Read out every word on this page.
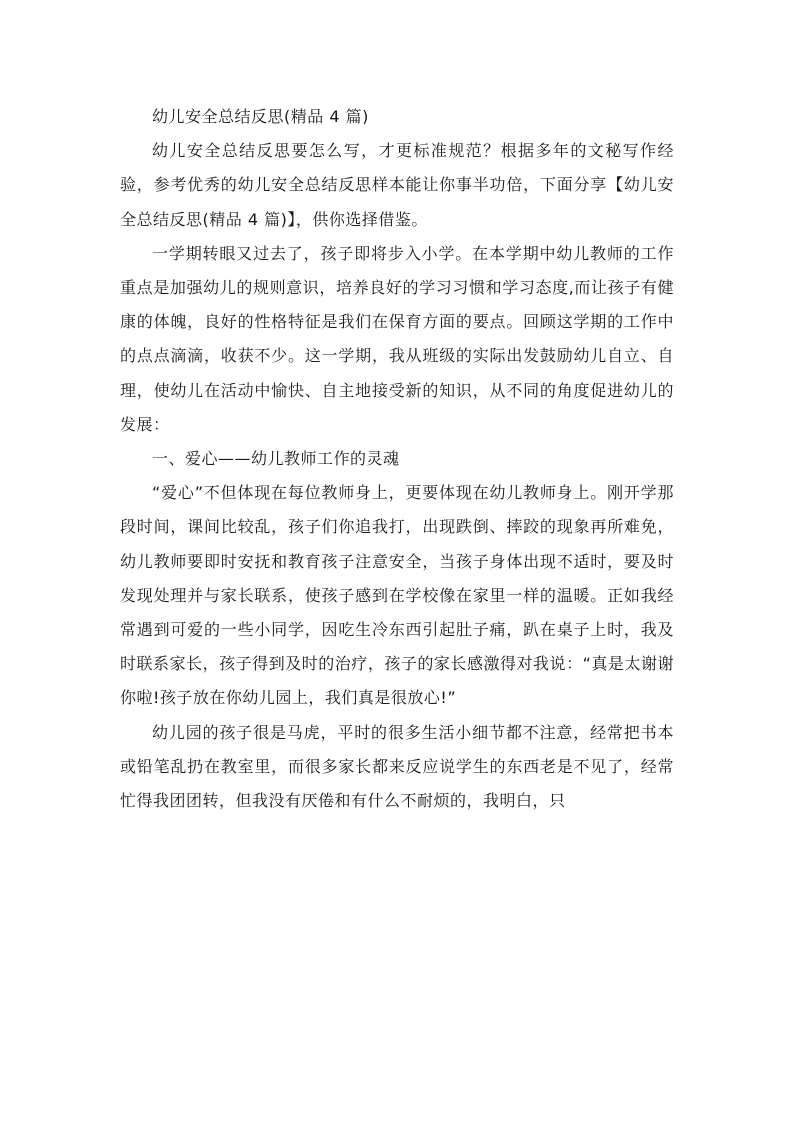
幼儿安全总结反思(精品 4 篇)

幼儿安全总结反思要怎么写，才更标准规范？根据多年的文秘写作经验，参考优秀的幼儿安全总结反思样本能让你事半功倍，下面分享【幼儿安全总结反思(精品 4 篇)】，供你选择借鉴。

一学期转眼又过去了，孩子即将步入小学。在本学期中幼儿教师的工作重点是加强幼儿的规则意识，培养良好的学习习惯和学习态度,而让孩子有健康的体魄，良好的性格特征是我们在保育方面的要点。回顾这学期的工作中的点点滴滴，收获不少。这一学期，我从班级的实际出发鼓励幼儿自立、自理，使幼儿在活动中愉快、自主地接受新的知识，从不同的角度促进幼儿的发展：

一、爱心——幼儿教师工作的灵魂

“爱心”不但体现在每位教师身上，更要体现在幼儿教师身上。刚开学那段时间，课间比较乱，孩子们你追我打，出现跌倒、摔跤的现象再所难免，幼儿教师要即时安抚和教育孩子注意安全，当孩子身体出现不适时，要及时发现处理并与家长联系，使孩子感到在学校像在家里一样的温暖。正如我经常遇到可爱的一些小同学，因吃生冷东西引起肚子痛，趴在桌子上时，我及时联系家长，孩子得到及时的治疗，孩子的家长感激得对我说：“真是太谢谢你啦!孩子放在你幼儿园上，我们真是很放心!”

幼儿园的孩子很是马虎，平时的很多生活小细节都不注意，经常把书本或铅笔乱扔在教室里，而很多家长都来反应说学生的东西老是不见了，经常忙得我团团转，但我没有厌倦和有什么不耐烦的，我明白，只
